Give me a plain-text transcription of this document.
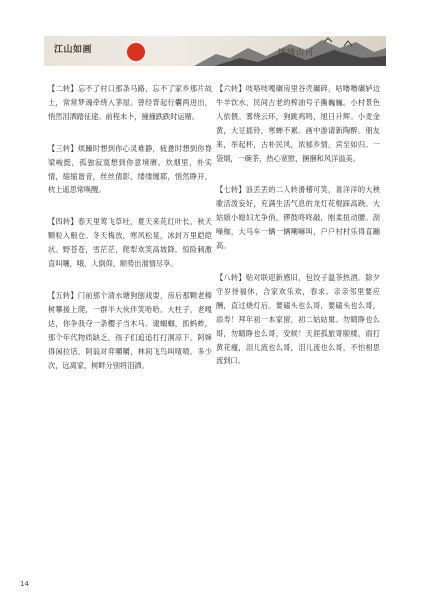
江山如画	锦绣山河

【二转】忘不了村口那条马路，忘不了家乡那片故土，常常梦魂牵绕入茅屋。曾经背起行囊两进出，悄然泪洒踏征途。前程未卜，撞撞跌跌时运赌。

【三转】烦躁时想到你心灵难静，疲惫时想到你脊梁峻挺，孤独寂寞想到你意境赓。炊烟里，朴实情，缩缩谐音，丝丝倩影，缕缕缠耶，悄然睁开，枕上遥思常唤醒。

【四转】春天里莺飞草吐，夏天来花红叶长，秋天颗粒入粮仓。冬天梅放，寒风松晃，冰封万里皑皑状。野苍苍，雪茫茫，爬犁欢笑高坡降。惊险刺激直叫嚷，哦，人倒仰，顺势出溜情尽享。

【五转】门前那个清水塘狗刨戏耍，房后那颗老榛树攀援上爬，一群半大伙伴笑哈哈。大柱子，老嘎达，你争我夺一条樱子当木马。逮蝈蝈，抓蚂蚱，那个年代物质缺乏，孩子们追追打打洞凉下。阿婶得闲拉话，阿翁对弈嚼嚼，林间飞鸟叫喳喳。多少次，远离家，树畔分别将泪洒。

【六转】吱咯吱嘎碾房里谷壳碾碎，咕噜噜碾轳边牛羊饮水，民间古老的榨油号子撕巍巍。小村景色人依偎。雾绕云环，狗跳鸡鸣，旭日升辉。小麦金黄，大豆摇铃，寒蝉不累。画中游请新陶醉。朋友来，举起杯，古朴民风，浓郁乡情，宾至如归。一袋烟，一碗茶，热心宽慰，捆捆和风洋溢美。

【七转】浪丢丢的二人转滑稽可笑，喜洋洋的大秧歌活泼妄好，充满生活气息的龙灯花棍踩高跷。大姑娘小媳妇尤争俏，锣鼓咚咚敲，刚柔扭动腰。刮噪枷，大马车一辆一辆喇嘛叫，户户村村乐得直蹦高。

【八转】贴对联迎新感旧，包饺子温茶热酒。除夕守岁待福休，合家欢乐欢，春求。亲亲邻里要应酬，直过烧灯后。要磕头也么哥，要磕头也么哥，添寿！拜年初一本家留，初二姑姑舅。勿睛睁也么哥，勿睛睁也么哥，安候！天涯孤旅寄颐楼，雨打黄花瘦，泪儿流也么哥，泪儿流也么哥，不怕相思流到口。

14
